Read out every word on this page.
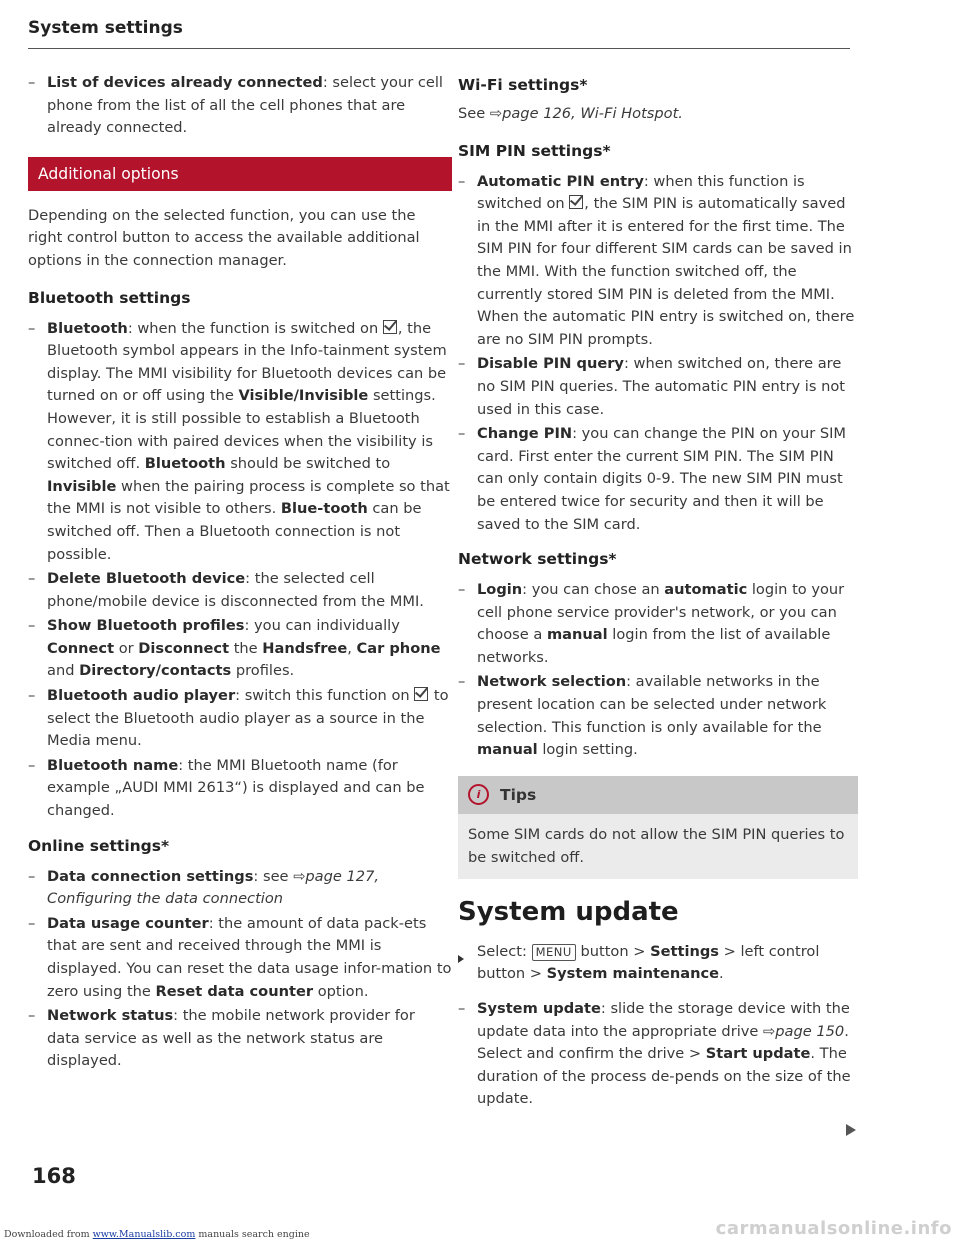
System settings
– List of devices already connected: select your cell phone from the list of all the cell phones that are already connected.
Additional options

Depending on the selected function, you can use the right control button to access the available additional options in the connection manager.

Bluetooth settings

– Bluetooth: when the function is switched on , the Bluetooth symbol appears in the Info-tainment system display. The MMI visibility for Bluetooth devices can be turned on or off using the Visible/Invisible settings. However, it is still possible to establish a Bluetooth connec-tion with paired devices when the visibility is switched off. Bluetooth should be switched to Invisible when the pairing process is complete so that the MMI is not visible to others. Blue-tooth can be switched off. Then a Bluetooth connection is not possible.
– Delete Bluetooth device: the selected cell phone/mobile device is disconnected from the MMI.
– Show Bluetooth profiles: you can individually Connect or Disconnect the Handsfree, Car phone and Directory/contacts profiles.
– Bluetooth audio player: switch this function on to select the Bluetooth audio player as a source in the Media menu.
– Bluetooth name: the MMI Bluetooth name (for example „AUDI MMI 2613“) is displayed and can be changed.

Online settings*

– Data connection settings: see ⇨page 127, Configuring the data connection
– Data usage counter: the amount of data pack-ets that are sent and received through the MMI is displayed. You can reset the data usage infor-mation to zero using the Reset data counter option.
– Network status: the mobile network provider for data service as well as the network status are displayed.

Wi-Fi settings*

See ⇨page 126, Wi-Fi Hotspot.

SIM PIN settings*

– Automatic PIN entry: when this function is switched on , the SIM PIN is automatically saved in the MMI after it is entered for the first time. The SIM PIN for four different SIM cards can be saved in the MMI. With the function switched off, the currently stored SIM PIN is deleted from the MMI. When the automatic PIN entry is switched on, there are no SIM PIN prompts.
– Disable PIN query: when switched on, there are no SIM PIN queries. The automatic PIN entry is not used in this case.
– Change PIN: you can change the PIN on your SIM card. First enter the current SIM PIN. The SIM PIN can only contain digits 0-9. The new SIM PIN must be entered twice for security and then it will be saved to the SIM card.

Network settings*

– Login: you can chose an automatic login to your cell phone service provider's network, or you can choose a manual login from the list of available networks.
– Network selection: available networks in the present location can be selected under network selection. This function is only available for the manual login setting.
i	Tips
Some SIM cards do not allow the SIM PIN queries to be switched off.

System update

Select: MENU button > Settings > left control button > System maintenance.
– System update: slide the storage device with the update data into the appropriate drive ⇨page 150. Select and confirm the drive > Start update. The duration of the process de-pends on the size of the update.
168
Downloaded from www.Manualslib.com manuals search engine	carmanualsonline.info
